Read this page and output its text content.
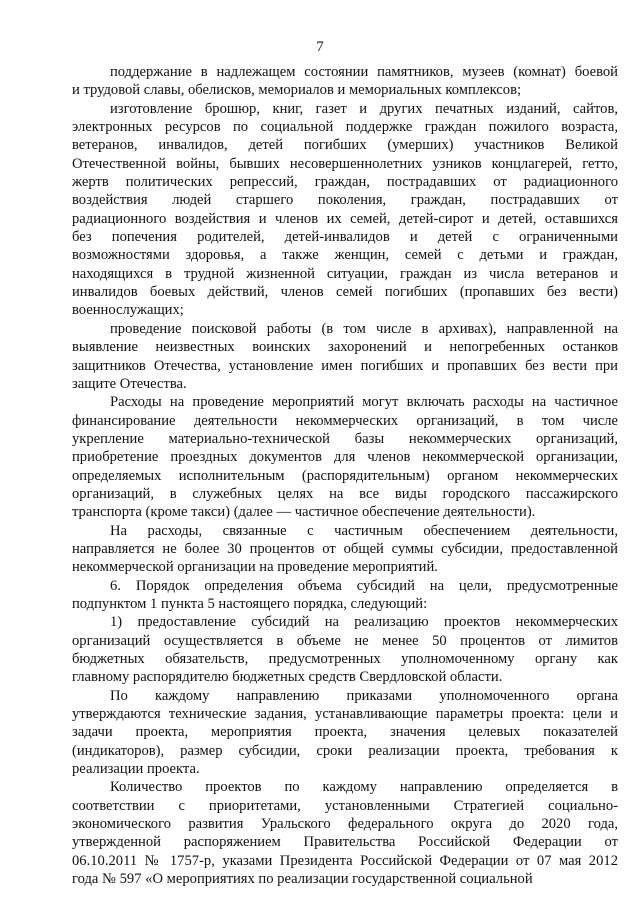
7
поддержание в надлежащем состоянии памятников, музеев (комнат) боевой
и трудовой славы, обелисков, мемориалов и мемориальных комплексов;
изготовление брошюр, книг, газет и других печатных изданий, сайтов,
электронных ресурсов по социальной поддержке граждан пожилого возраста,
ветеранов, инвалидов, детей погибших (умерших) участников Великой
Отечественной войны, бывших несовершеннолетних узников концлагерей, гетто,
жертв политических репрессий, граждан, пострадавших от радиационного
воздействия людей старшего поколения, граждан, пострадавших от
радиационного воздействия и членов их семей, детей-сирот и детей, оставшихся
без попечения родителей, детей-инвалидов и детей с ограниченными
возможностями здоровья, а также женщин, семей с детьми и граждан,
находящихся в трудной жизненной ситуации, граждан из числа ветеранов и
инвалидов боевых действий, членов семей погибших (пропавших без вести)
военнослужащих;
проведение поисковой работы (в том числе в архивах), направленной на
выявление неизвестных воинских захоронений и непогребенных останков
защитников Отечества, установление имен погибших и пропавших без вести при
защите Отечества.
Расходы на проведение мероприятий могут включать расходы на частичное
финансирование деятельности некоммерческих организаций, в том числе
укрепление материально-технической базы некоммерческих организаций,
приобретение проездных документов для членов некоммерческой организации,
определяемых исполнительным (распорядительным) органом некоммерческих
организаций, в служебных целях на все виды городского пассажирского
транспорта (кроме такси) (далее — частичное обеспечение деятельности).
На расходы, связанные с частичным обеспечением деятельности,
направляется не более 30 процентов от общей суммы субсидии, предоставленной
некоммерческой организации на проведение мероприятий.
6. Порядок определения объема субсидий на цели, предусмотренные
подпунктом 1 пункта 5 настоящего порядка, следующий:
1) предоставление субсидий на реализацию проектов некоммерческих
организаций осуществляется в объеме не менее 50 процентов от лимитов
бюджетных обязательств, предусмотренных уполномоченному органу как
главному распорядителю бюджетных средств Свердловской области.
По каждому направлению приказами уполномоченного органа
утверждаются технические задания, устанавливающие параметры проекта: цели и
задачи проекта, мероприятия проекта, значения целевых показателей
(индикаторов), размер субсидии, сроки реализации проекта, требования к
реализации проекта.
Количество проектов по каждому направлению определяется в
соответствии с приоритетами, установленными Стратегией социально-
экономического развития Уральского федерального округа до 2020 года,
утвержденной распоряжением Правительства Российской Федерации от
06.10.2011 № 1757-р, указами Президента Российской Федерации от 07 мая 2012
года № 597 «О мероприятиях по реализации государственной социальной
